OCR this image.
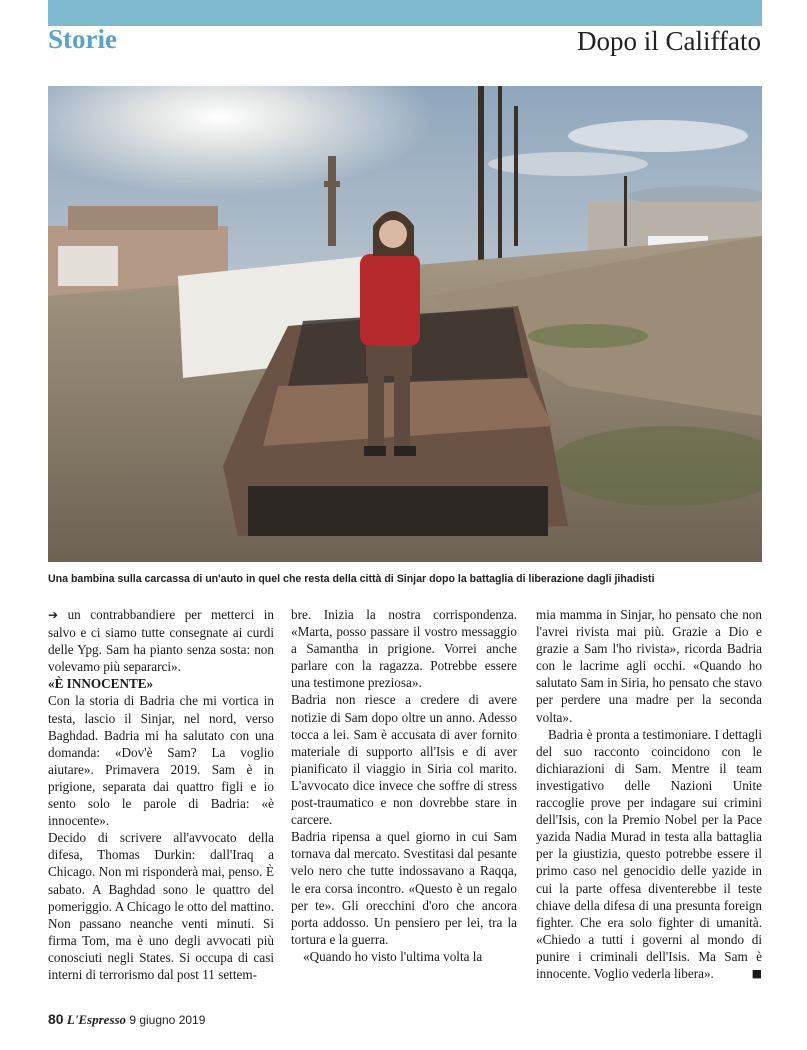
Storie	Dopo il Califfato
Una bambina sulla carcassa di un'auto in quel che resta della città di Sinjar dopo la battaglia di liberazione dagli jihadisti

➔ un contrabbandiere per metterci in salvo e ci siamo tutte consegnate ai curdi delle Ypg. Sam ha pianto senza sosta: non volevamo più separarci».

«È INNOCENTE»

Con la storia di Badria che mi vortica in testa, lascio il Sinjar, nel nord, verso Baghdad. Badria mi ha salutato con una domanda: «Dov'è Sam? La voglio aiutare». Primavera 2019. Sam è in prigione, separata dai quattro figli e io sento solo le parole di Badria: «è innocente».

Decido di scrivere all'avvocato della difesa, Thomas Durkin: dall'Iraq a Chicago. Non mi risponderà mai, penso. È sabato. A Baghdad sono le quattro del pomeriggio. A Chicago le otto del mattino. Non passano neanche venti minuti. Si firma Tom, ma è uno degli avvocati più conosciuti negli States. Si occupa di casi interni di terrorismo dal post 11 settem-

bre. Inizia la nostra corrispondenza. «Marta, posso passare il vostro messaggio a Samantha in prigione. Vorrei anche parlare con la ragazza. Potrebbe essere una testimone preziosa».

Badria non riesce a credere di avere notizie di Sam dopo oltre un anno. Adesso tocca a lei. Sam è accusata di aver fornito materiale di supporto all'Isis e di aver pianificato il viaggio in Siria col marito. L'avvocato dice invece che soffre di stress post-traumatico e non dovrebbe stare in carcere.

Badria ripensa a quel giorno in cui Sam tornava dal mercato. Svestitasi dal pesante velo nero che tutte indossavano a Raqqa, le era corsa incontro. «Questo è un regalo per te». Gli orecchini d'oro che ancora porta addosso. Un pensiero per lei, tra la tortura e la guerra.

«Quando ho visto l'ultima volta la

mia mamma in Sinjar, ho pensato che non l'avrei rivista mai più. Grazie a Dio e grazie a Sam l'ho rivista», ricorda Badria con le lacrime agli occhi. «Quando ho salutato Sam in Siria, ho pensato che stavo per perdere una madre per la seconda volta».

Badria è pronta a testimoniare. I dettagli del suo racconto coincidono con le dichiarazioni di Sam. Mentre il team investigativo delle Nazioni Unite raccoglie prove per indagare sui crimini dell'Isis, con la Premio Nobel per la Pace yazida Nadia Murad in testa alla battaglia per la giustizia, questo potrebbe essere il primo caso nel genocidio delle yazide in cui la parte offesa diventerebbe il teste chiave della difesa di una presunta foreign fighter. Che era solo fighter di umanità. «Chiedo a tutti i governi al mondo di punire i criminali dell'Isis. Ma Sam è innocente. Voglio vederla libera».	■

80 L'Espresso 9 giugno 2019
